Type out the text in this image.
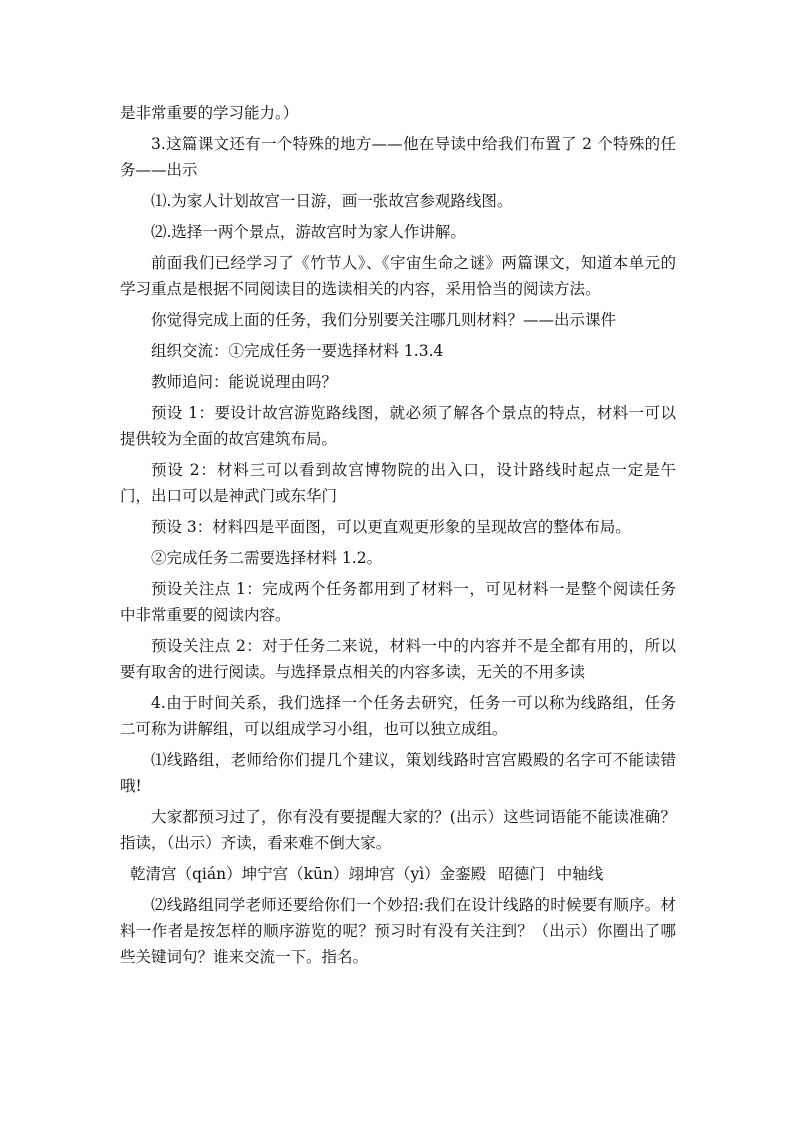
是非常重要的学习能力。）

3.这篇课文还有一个特殊的地方——他在导读中给我们布置了 2 个特殊的任务——出示

⑴.为家人计划故宫一日游，画一张故宫参观路线图。

⑵.选择一两个景点，游故宫时为家人作讲解。

前面我们已经学习了《竹节人》、《宇宙生命之谜》两篇课文，知道本单元的学习重点是根据不同阅读目的选读相关的内容，采用恰当的阅读方法。

你觉得完成上面的任务，我们分别要关注哪几则材料？——出示课件

组织交流：①完成任务一要选择材料 1.3.4

教师追问：能说说理由吗？

预设 1：要设计故宫游览路线图，就必须了解各个景点的特点，材料一可以提供较为全面的故宫建筑布局。

预设 2：材料三可以看到故宫博物院的出入口，设计路线时起点一定是午门，出口可以是神武门或东华门

预设 3：材料四是平面图，可以更直观更形象的呈现故宫的整体布局。

②完成任务二需要选择材料 1.2。

预设关注点 1：完成两个任务都用到了材料一，可见材料一是整个阅读任务中非常重要的阅读内容。

预设关注点 2：对于任务二来说，材料一中的内容并不是全都有用的，所以要有取舍的进行阅读。与选择景点相关的内容多读，无关的不用多读

4.由于时间关系，我们选择一个任务去研究，任务一可以称为线路组，任务二可称为讲解组，可以组成学习小组，也可以独立成组。

⑴线路组，老师给你们提几个建议，策划线路时宫宫殿殿的名字可不能读错哦!

大家都预习过了，你有没有要提醒大家的？(出示）这些词语能不能读准确？指读，（出示）齐读，看来难不倒大家。

乾清宫（qián）坤宁宫（kūn）翊坤宫（yì）金銮殿 昭德门 中轴线

⑵线路组同学老师还要给你们一个妙招:我们在设计线路的时候要有顺序。材料一作者是按怎样的顺序游览的呢？预习时有没有关注到？（出示）你圈出了哪些关键词句？谁来交流一下。指名。
